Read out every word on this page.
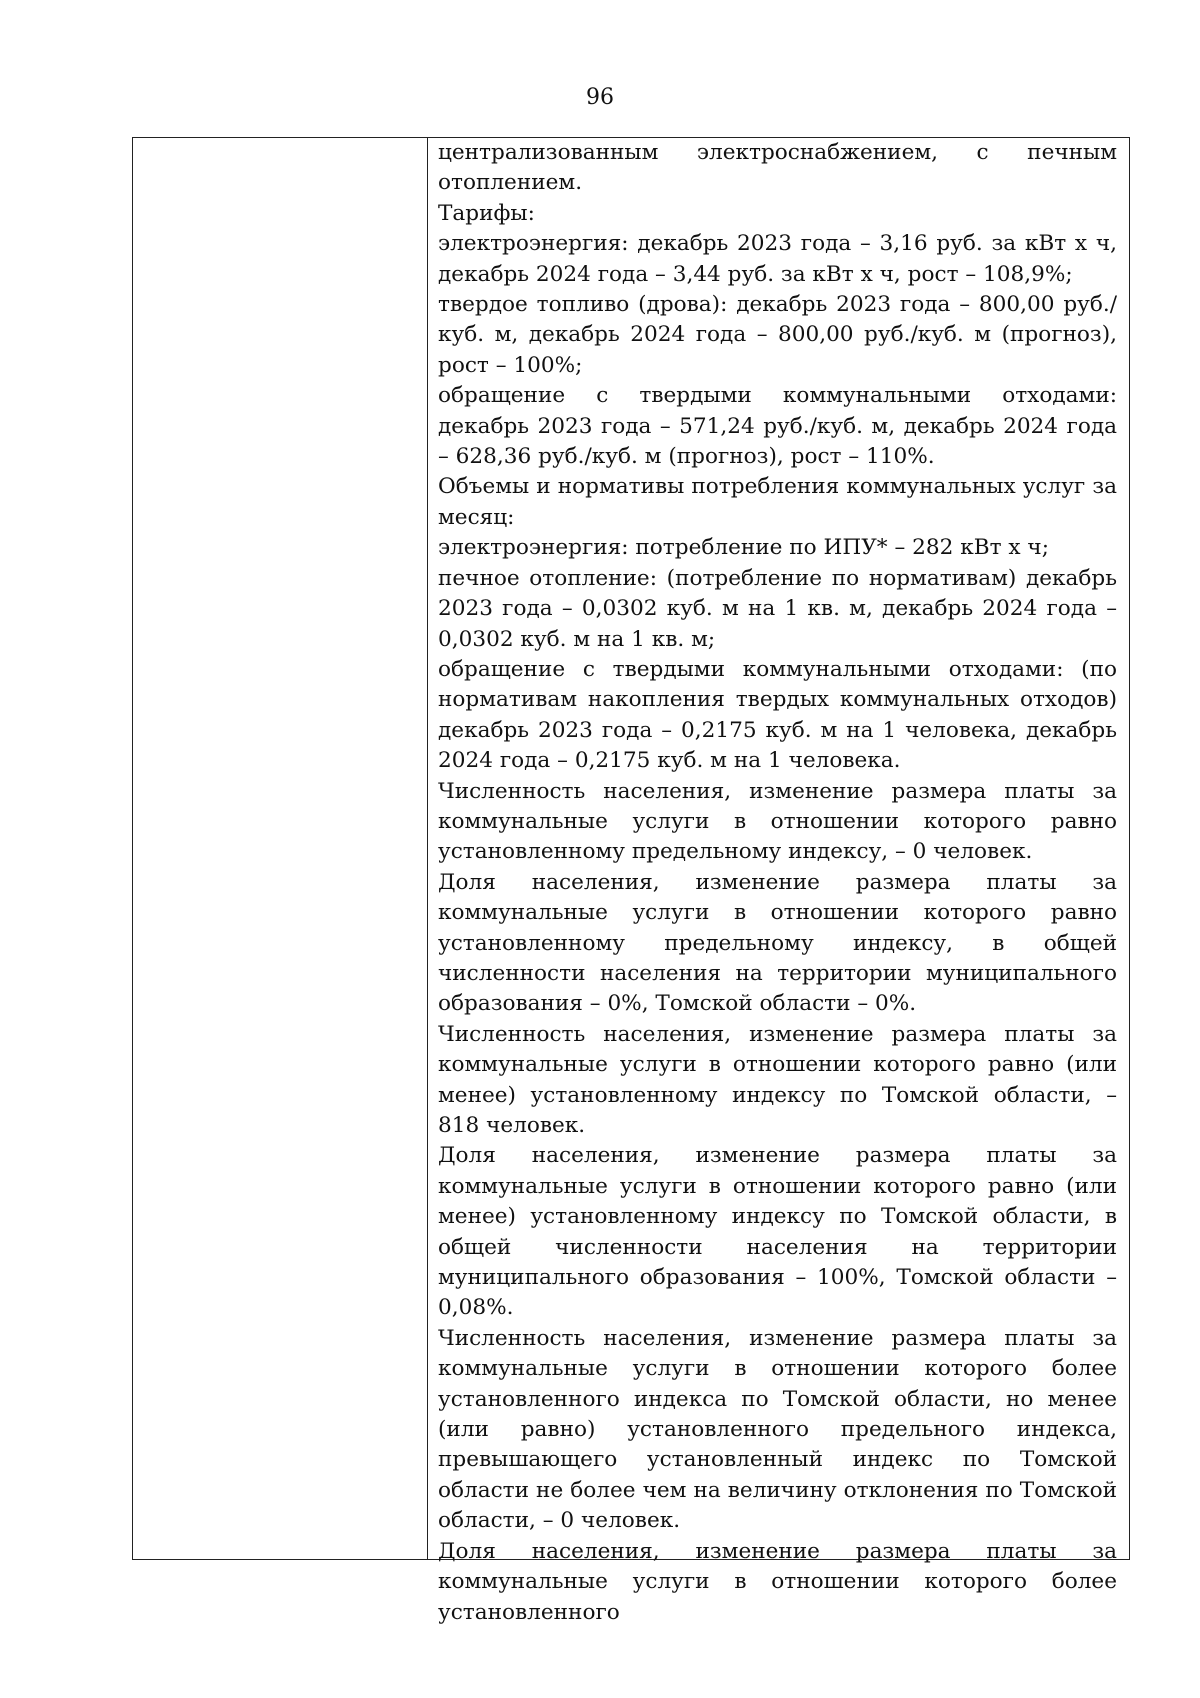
96

централизованным электроснабжением, с печным отоплением.

Тарифы:

электроэнергия: декабрь 2023 года – 3,16 руб. за кВт х ч, декабрь 2024 года – 3,44 руб. за кВт х ч, рост – 108,9%;

твердое топливо (дрова): декабрь 2023 года – 800,00 руб./куб. м, декабрь 2024 года – 800,00 руб./куб. м (прогноз), рост – 100%;

обращение с твердыми коммунальными отходами: декабрь 2023 года – 571,24 руб./куб. м, декабрь 2024 года – 628,36 руб./куб. м (прогноз), рост – 110%.

Объемы и нормативы потребления коммунальных услуг за месяц:

электроэнергия: потребление по ИПУ* – 282 кВт х ч;

печное отопление: (потребление по нормативам) декабрь 2023 года – 0,0302 куб. м на 1 кв. м, декабрь 2024 года – 0,0302 куб. м на 1 кв. м;

обращение с твердыми коммунальными отходами: (по нормативам накопления твердых коммунальных отходов) декабрь 2023 года – 0,2175 куб. м на 1 человека, декабрь 2024 года – 0,2175 куб. м на 1 человека.

Численность населения, изменение размера платы за коммунальные услуги в отношении которого равно установленному предельному индексу, – 0 человек.

Доля населения, изменение размера платы за коммунальные услуги в отношении которого равно установленному предельному индексу, в общей численности населения на территории муниципального образования – 0%, Томской области – 0%.

Численность населения, изменение размера платы за коммунальные услуги в отношении которого равно (или менее) установленному индексу по Томской области, – 818 человек.

Доля населения, изменение размера платы за коммунальные услуги в отношении которого равно (или менее) установленному индексу по Томской области, в общей численности населения на территории муниципального образования – 100%, Томской области – 0,08%.

Численность населения, изменение размера платы за коммунальные услуги в отношении которого более установленного индекса по Томской области, но менее (или равно) установленного предельного индекса, превышающего установленный индекс по Томской области не более чем на величину отклонения по Томской области, – 0 человек.

Доля населения, изменение размера платы за коммунальные услуги в отношении которого более установленного
